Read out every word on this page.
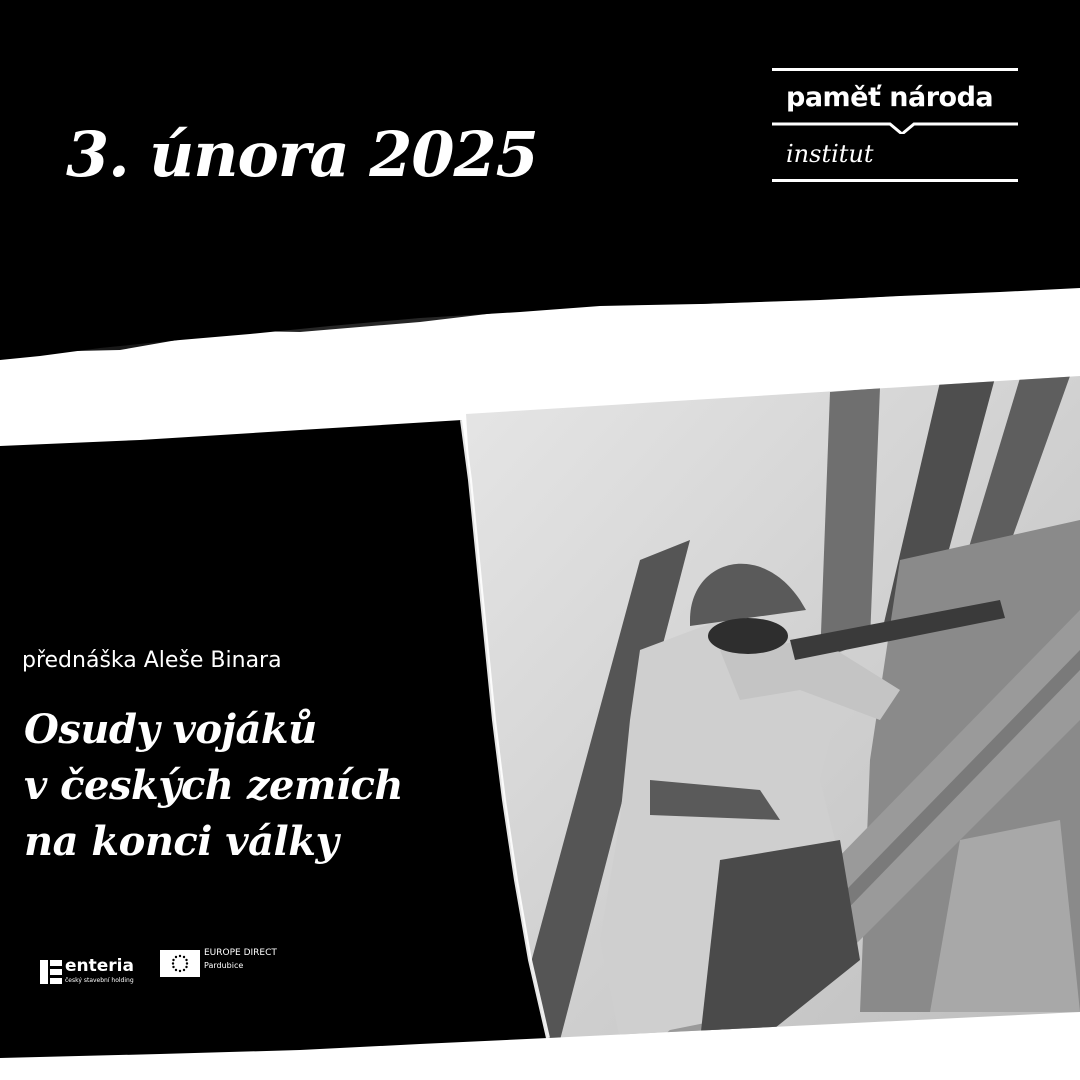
3. února 2025
paměť národa
institut
přednáška Aleše Binara
Osudy vojáků
v českých zemích
na konci války
enteria
český stavební holding
EUROPE DIRECT
Pardubice
